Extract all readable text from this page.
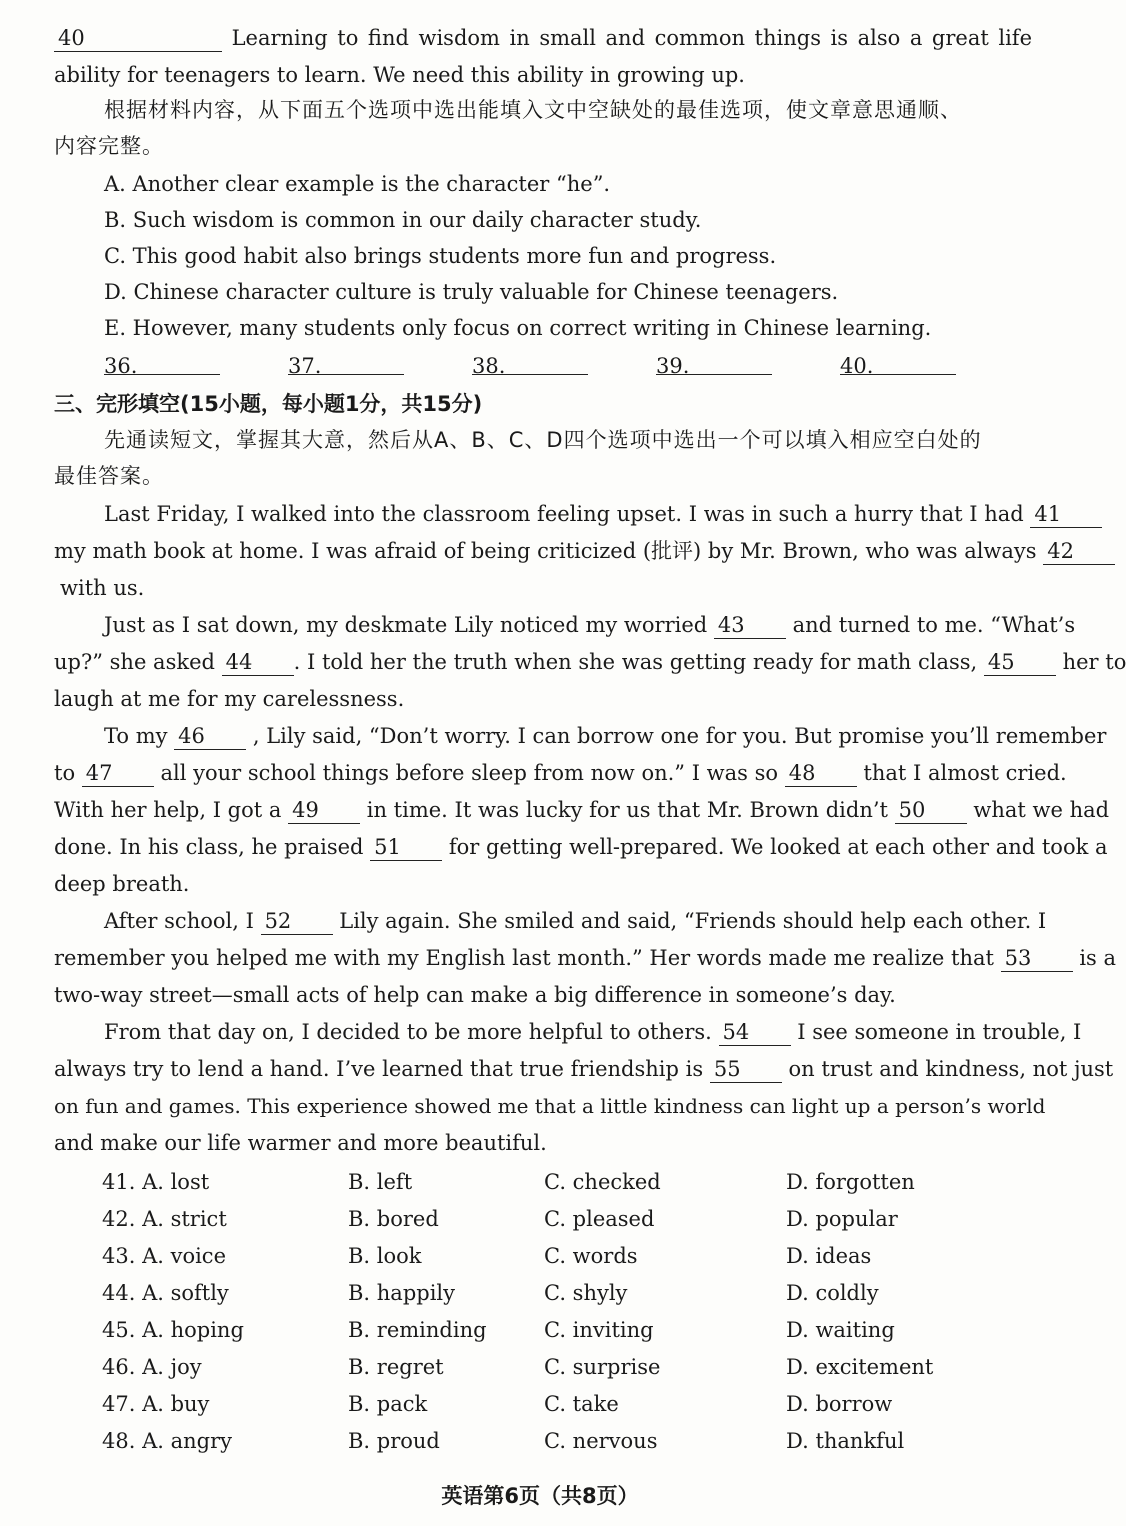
40	Learning to find wisdom in small and common things is also a great life
ability for teenagers to learn. We need this ability in growing up.
根据材料内容，从下面五个选项中选出能填入文中空缺处的最佳选项，使文章意思通顺、
内容完整。
A. Another clear example is the character “he”.
B. Such wisdom is common in our daily character study.
C. This good habit also brings students more fun and progress.
D. Chinese character culture is truly valuable for Chinese teenagers.
E. However, many students only focus on correct writing in Chinese learning.
36.
	37.
	38.
	39.
	40.

三、完形填空(15小题，每小题1分，共15分)
先通读短文，掌握其大意，然后从A、B、C、D四个选项中选出一个可以填入相应空白处的
最佳答案。
Last Friday, I walked into the classroom feeling upset. I was in such a hurry that I had 41
my math book at home. I was afraid of being criticized (批评) by Mr. Brown, who was always 42
with us.
Just as I sat down, my deskmate Lily noticed my worried 43 and turned to me. “What’s
up?” she asked 44 . I told her the truth when she was getting ready for math class, 45 her to
laugh at me for my carelessness.
To my 46 , Lily said, “Don’t worry. I can borrow one for you. But promise you’ll remember
to 47 all your school things before sleep from now on.” I was so 48 that I almost cried.
With her help, I got a 49 in time. It was lucky for us that Mr. Brown didn’t 50 what we had
done. In his class, he praised 51 for getting well-prepared. We looked at each other and took a
deep breath.
After school, I 52 Lily again. She smiled and said, “Friends should help each other. I
remember you helped me with my English last month.” Her words made me realize that 53 is a
two-way street—small acts of help can make a big difference in someone’s day.
From that day on, I decided to be more helpful to others. 54 I see someone in trouble, I
always try to lend a hand. I’ve learned that true friendship is 55 on trust and kindness, not just
on fun and games. This experience showed me that a little kindness can light up a person’s world
and make our life warmer and more beautiful.
41. A. lost	B. left	C. checked	D. forgotten
42. A. strict	B. bored	C. pleased	D. popular
43. A. voice	B. look	C. words	D. ideas
44. A. softly	B. happily	C. shyly	D. coldly
45. A. hoping	B. reminding	C. inviting	D. waiting
46. A. joy	B. regret	C. surprise	D. excitement
47. A. buy	B. pack	C. take	D. borrow
48. A. angry	B. proud	C. nervous	D. thankful
英语第6页（共8页）
